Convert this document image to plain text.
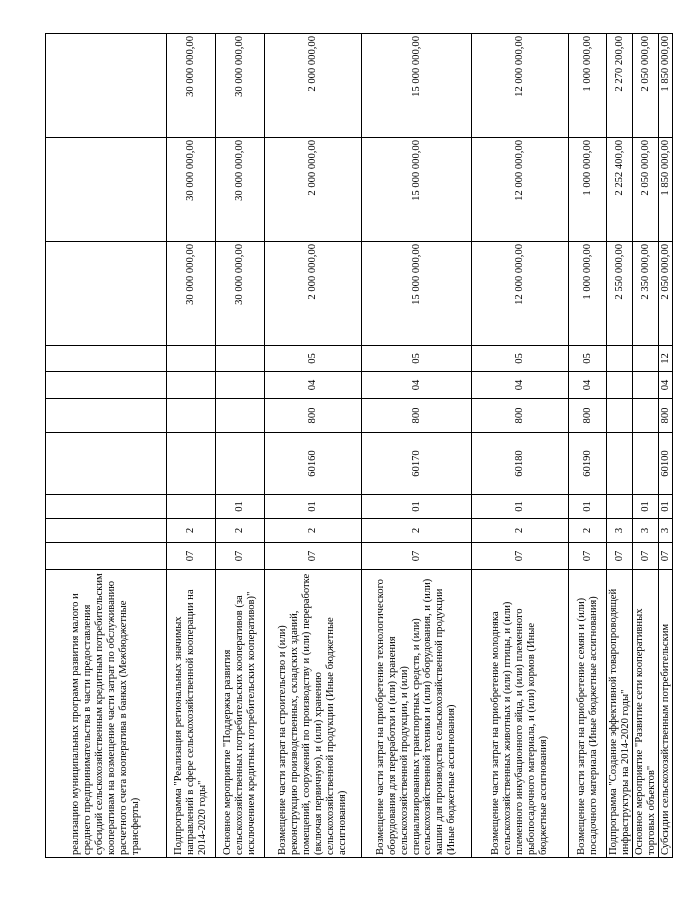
реализацию муниципальных программ развития малого и среднего предпринимательства в части предоставления субсидий сельскохозяйственным кредитным потребительским кооперативам на возмещение части затрат по обслуживанию расчетного счета кооператива в банках (Межбюджетные трансферты)										
Подпрограмма "Реализация региональных значимых направлений в сфере сельскохозяйственной кооперации на 2014-2020 годы"	07	2						30 000 000,00	30 000 000,00	30 000 000,00
Основное мероприятие "Поддержка развития сельскохозяйственных потребительских кооперативов (за исключением кредитных потребительских кооперативов)"	07	2	01					30 000 000,00	30 000 000,00	30 000 000,00
Возмещение части затрат на строительство и (или) реконструкцию производственных, складских зданий, помещений, сооружений по производству и (или) переработке (включая первичную), и (или) хранению сельскохозяйственной продукции (Иные бюджетные ассигнования)	07	2	01	60160	800	04	05	2 000 000,00	2 000 000,00	2 000 000,00
Возмещение части затрат на приобретение технологического оборудования для переработки и (или) хранения сельскохозяйственной продукции, и (или) специализированных транспортных средств, и (или) сельскохозяйственной техники и (или) оборудования, и (или) машин для производства сельскохозяйственной продукции (Иные бюджетные ассигнования)	07	2	01	60170	800	04	05	15 000 000,00	15 000 000,00	15 000 000,00
Возмещение части затрат на приобретение молодняка сельскохозяйственных животных и (или) птицы, и (или) племенного инкубационного яйца, и (или) племенного рыбопосадочного материала, и (или) кормов (Иные бюджетные ассигнования)	07	2	01	60180	800	04	05	12 000 000,00	12 000 000,00	12 000 000,00
Возмещение части затрат на приобретение семян и (или) посадочного материала (Иные бюджетные ассигнования)	07	2	01	60190	800	04	05	1 000 000,00	1 000 000,00	1 000 000,00
Подпрограмма "Создание эффективной товаропроводящей инфраструктуры на 2014-2020 годы"	07	3						2 550 000,00	2 252 400,00	2 270 200,00
Основное мероприятие "Развитие сети кооперативных торговых объектов"	07	3	01					2 350 000,00	2 050 000,00	2 050 000,00
Субсидии сельскохозяйственным потребительским	07	3	01	60100	800	04	12	2 050 000,00	1 850 000,00	1 850 000,00
